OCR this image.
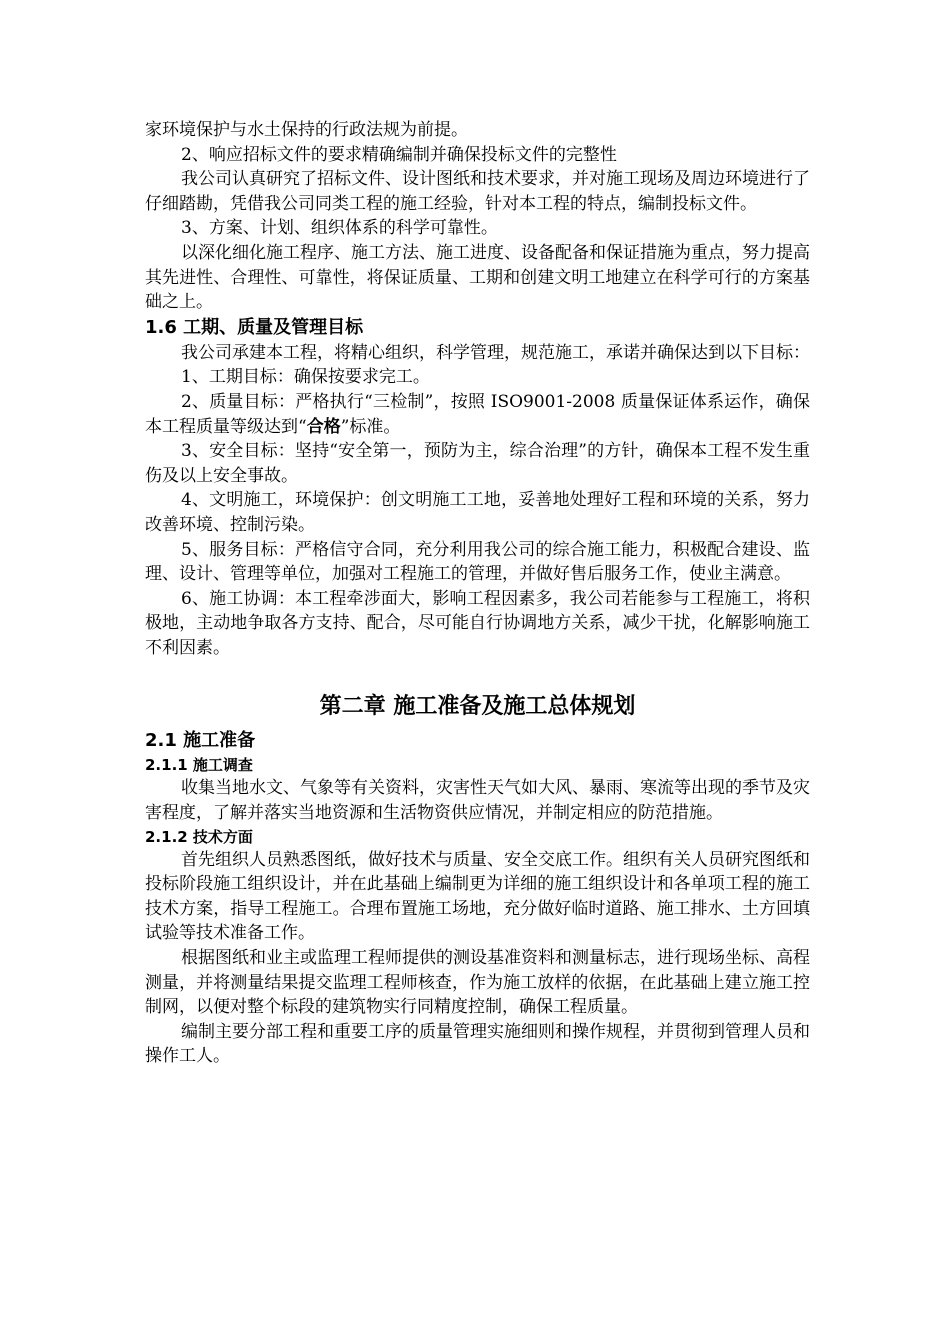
家环境保护与水土保持的行政法规为前提。

2、响应招标文件的要求精确编制并确保投标文件的完整性

我公司认真研究了招标文件、设计图纸和技术要求，并对施工现场及周边环境进行了仔细踏勘，凭借我公司同类工程的施工经验，针对本工程的特点，编制投标文件。

3、方案、计划、组织体系的科学可靠性。

以深化细化施工程序、施工方法、施工进度、设备配备和保证措施为重点，努力提高其先进性、合理性、可靠性，将保证质量、工期和创建文明工地建立在科学可行的方案基础之上。

1.6 工期、质量及管理目标

我公司承建本工程，将精心组织，科学管理，规范施工，承诺并确保达到以下目标：

1、工期目标：确保按要求完工。

2、质量目标：严格执行“三检制”，按照 ISO9001-2008 质量保证体系运作，确保本工程质量等级达到“合格”标准。

3、安全目标：坚持“安全第一，预防为主，综合治理”的方针，确保本工程不发生重伤及以上安全事故。

4、文明施工，环境保护：创文明施工工地，妥善地处理好工程和环境的关系，努力改善环境、控制污染。

5、服务目标：严格信守合同，充分利用我公司的综合施工能力，积极配合建设、监理、设计、管理等单位，加强对工程施工的管理，并做好售后服务工作，使业主满意。

6、施工协调：本工程牵涉面大，影响工程因素多，我公司若能参与工程施工，将积极地，主动地争取各方支持、配合，尽可能自行协调地方关系，减少干扰，化解影响施工不利因素。

第二章 施工准备及施工总体规划
2.1 施工准备
2.1.1 施工调查

收集当地水文、气象等有关资料，灾害性天气如大风、暴雨、寒流等出现的季节及灾害程度，了解并落实当地资源和生活物资供应情况，并制定相应的防范措施。

2.1.2 技术方面

首先组织人员熟悉图纸，做好技术与质量、安全交底工作。组织有关人员研究图纸和投标阶段施工组织设计，并在此基础上编制更为详细的施工组织设计和各单项工程的施工技术方案，指导工程施工。合理布置施工场地，充分做好临时道路、施工排水、土方回填试验等技术准备工作。

根据图纸和业主或监理工程师提供的测设基准资料和测量标志，进行现场坐标、高程测量，并将测量结果提交监理工程师核查，作为施工放样的依据，在此基础上建立施工控制网，以便对整个标段的建筑物实行同精度控制，确保工程质量。

编制主要分部工程和重要工序的质量管理实施细则和操作规程，并贯彻到管理人员和操作工人。
